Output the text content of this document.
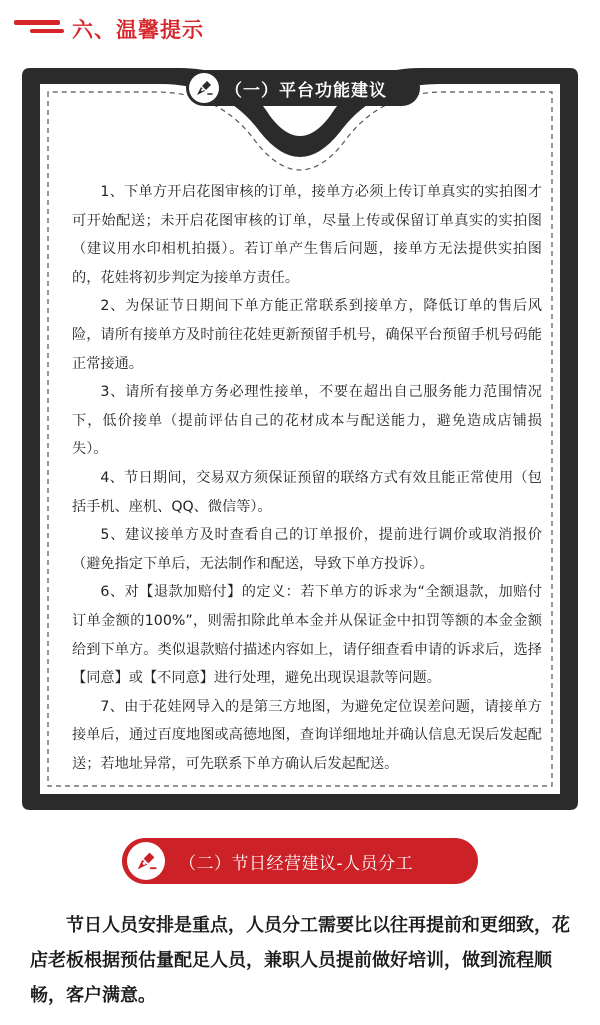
六、温馨提示
（一）平台功能建议

1、下单方开启花图审核的订单，接单方必须上传订单真实的实拍图才可开始配送；未开启花图审核的订单，尽量上传或保留订单真实的实拍图（建议用水印相机拍摄）。若订单产生售后问题，接单方无法提供实拍图的，花娃将初步判定为接单方责任。

2、为保证节日期间下单方能正常联系到接单方，降低订单的售后风险，请所有接单方及时前往花娃更新预留手机号，确保平台预留手机号码能正常接通。

3、请所有接单方务必理性接单，不要在超出自己服务能力范围情况下，低价接单（提前评估自己的花材成本与配送能力，避免造成店铺损失）。

4、节日期间，交易双方须保证预留的联络方式有效且能正常使用（包括手机、座机、QQ、微信等）。

5、建议接单方及时查看自己的订单报价，提前进行调价或取消报价（避免指定下单后，无法制作和配送，导致下单方投诉）。

6、对【退款加赔付】的定义：若下单方的诉求为“全额退款，加赔付订单金额的100%”，则需扣除此单本金并从保证金中扣罚等额的本金金额给到下单方。类似退款赔付描述内容如上，请仔细查看申请的诉求后，选择【同意】或【不同意】进行处理，避免出现误退款等问题。

7、由于花娃网导入的是第三方地图，为避免定位误差问题，请接单方接单后，通过百度地图或高德地图，查询详细地址并确认信息无误后发起配送；若地址异常，可先联系下单方确认后发起配送。

（二）节日经营建议-人员分工

节日人员安排是重点，人员分工需要比以往再提前和更细致，花店老板根据预估量配足人员，兼职人员提前做好培训，做到流程顺畅，客户满意。
